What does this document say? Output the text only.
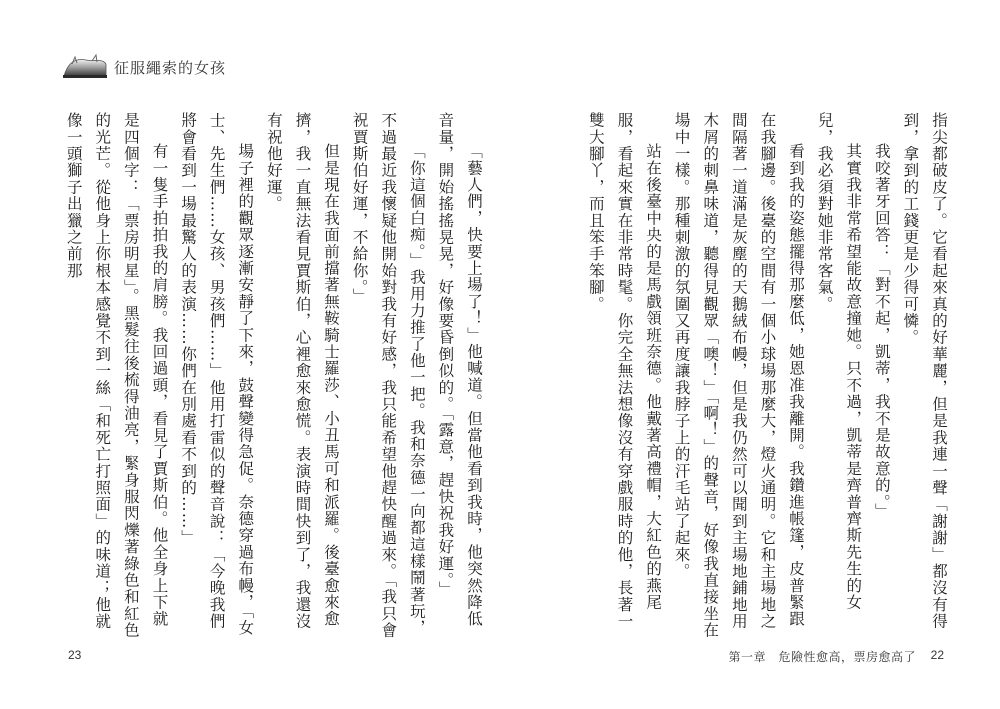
征服繩索的女孩

指尖都破皮了。它看起來真的好華麗，但是我連一聲「謝謝」都沒有得到，拿到的工錢更是少得可憐。

我咬著牙回答：「對不起，凱蒂，我不是故意的。」

其實我非常希望能故意撞她。只不過，凱蒂是齊普齊斯先生的女兒，我必須對她非常客氣。

看到我的姿態擺得那麼低，她恩准我離開。我鑽進帳篷，皮普緊跟在我腳邊。後臺的空間有一個小球場那麼大，燈火通明。它和主場地之間隔著一道滿是灰塵的天鵝絨布幔，但是我仍然可以聞到主場地鋪地用木屑的刺鼻味道，聽得見觀眾「噢！」「啊！」的聲音，好像我直接坐在場中一樣。那種刺激的氛圍又再度讓我脖子上的汗毛站了起來。

站在後臺中央的是馬戲領班奈德。他戴著高禮帽，大紅色的燕尾服，看起來實在非常時髦。你完全無法想像沒有穿戲服時的他，長著一雙大腳丫，而且笨手笨腳。

「藝人們，快要上場了！」他喊道。但當他看到我時，他突然降低音量，開始搖搖晃晃，好像要昏倒似的。「露意，趕快祝我好運。」

「你這個白痴。」我用力推了他一把。我和奈德一向都這樣鬧著玩，不過最近我懷疑他開始對我有好感，我只能希望他趕快醒過來。「我只會祝賈斯伯好運，不給你。」

但是現在我面前擋著無鞍騎士羅莎、小丑馬可和派羅。後臺愈來愈擠，我一直無法看見賈斯伯，心裡愈來愈慌。表演時間快到了，我還沒有祝他好運。

場子裡的觀眾逐漸安靜了下來，鼓聲變得急促。奈德穿過布幔，「女士、先生們……女孩、男孩們……」他用打雷似的聲音說：「今晚我們將會看到一場最驚人的表演……你們在別處看不到的……」

有一隻手拍拍我的肩膀。我回過頭，看見了賈斯伯。他全身上下就是四個字：「票房明星」。黑髮往後梳得油亮，緊身服閃爍著綠色和紅色的光芒。從他身上你根本感覺不到一絲「和死亡打照面」的味道；他就像一頭獅子出獵之前那

23	第一章　危險性愈高，票房愈高了 22
